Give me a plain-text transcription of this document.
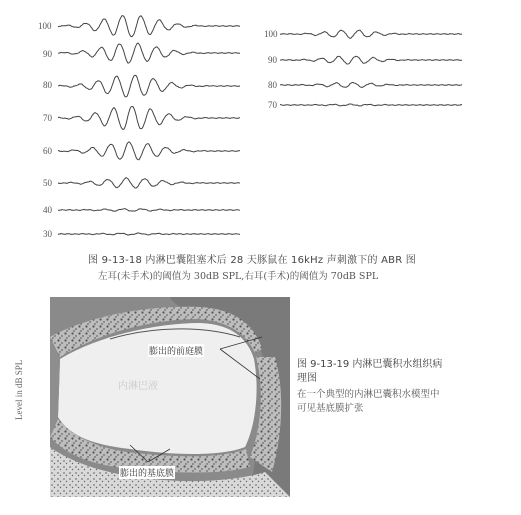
100
90
80
70
60
50
40
30
100
90
80
70
图 9-13-18 内淋巴囊阻塞术后 28 天豚鼠在 16kHz 声刺激下的 ABR 图
左耳(未手术)的阈值为 30dB SPL,右耳(手术)的阈值为 70dB SPL
Level in dB SPL	内淋巴液
膨出的前庭膜
膨出的基底膜
图 9-13-19 内淋巴囊积水组织病
理图
在一个典型的内淋巴囊积水模型中
可见基底膜扩张
